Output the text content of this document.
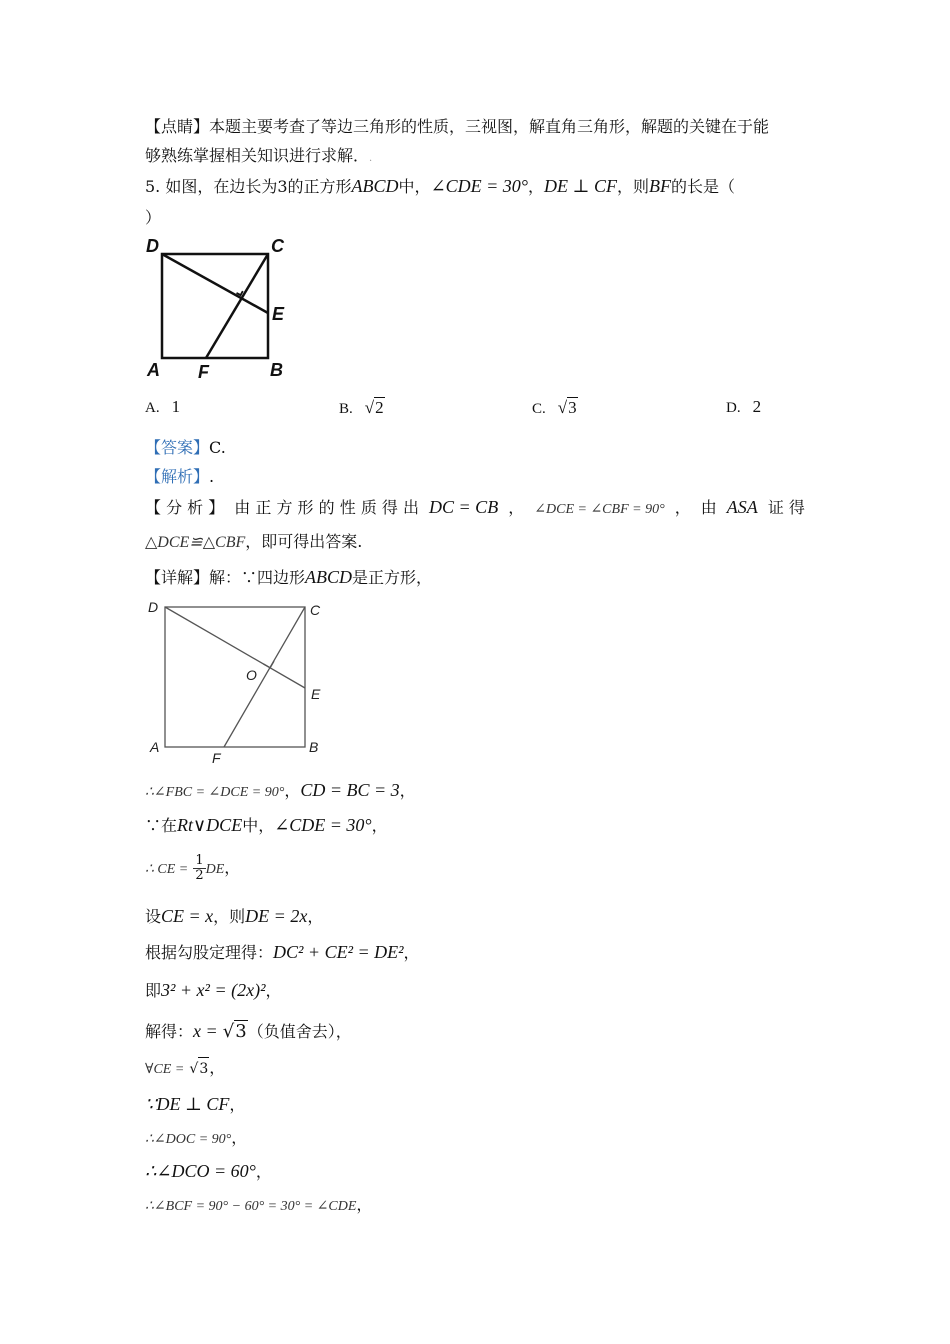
【点睛】本题主要考查了等边三角形的性质，三视图，解直角三角形，解题的关键在于能
够熟练掌握相关知识进行求解．.
5. 如图，在边长为3的正方形ABCD中，∠CDE = 30°，DE ⊥ CF，则BF的长是（
）
D	C
E
A F	B
A. 1	B. √2	C. √3	D. 2
【答案】C.
【解析】.
【 分 析 】 由 正 方 形 的 性 质 得 出 DC = CB ， ∠DCE = ∠CBF = 90° ， 由 ASA 证 得
△DCE≌△CBF，即可得出答案.
【详解】解：∵四边形ABCD是正方形，
D	C
O
E
A
F
B
∴∠FBC = ∠DCE = 90°，CD = BC = 3，
∵在Rt∨DCE中，∠CDE = 30°，
∴ CE = $\frac{1}{2}$ DE，
设CE = x，则DE = 2x，
根据勾股定理得：DC² + CE² = DE²，
即3² + x² = (2x)²，
解得：x = √3（负值舍去），
∀CE = √3，
∵DE ⊥ CF，
∴∠DOC = 90°，
∴∠DCO = 60°，
∴∠BCF = 90° − 60° = 30° = ∠CDE，
